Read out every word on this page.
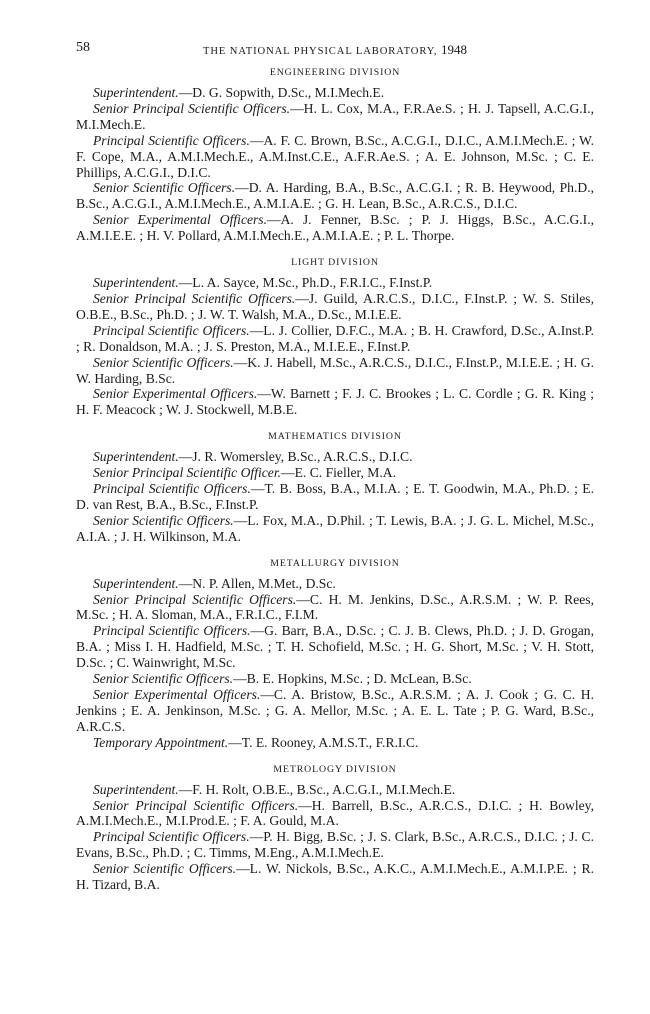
58	THE NATIONAL PHYSICAL LABORATORY, 1948
ENGINEERING DIVISION

Superintendent.—D. G. Sopwith, D.Sc., M.I.Mech.E.

Senior Principal Scientific Officers.—H. L. Cox, M.A., F.R.Ae.S. ; H. J. Tapsell, A.C.G.I., M.I.Mech.E.

Principal Scientific Officers.—A. F. C. Brown, B.Sc., A.C.G.I., D.I.C., A.M.I.Mech.E. ; W. F. Cope, M.A., A.M.I.Mech.E., A.M.Inst.C.E., A.F.R.Ae.S. ; A. E. Johnson, M.Sc. ; C. E. Phillips, A.C.G.I., D.I.C.

Senior Scientific Officers.—D. A. Harding, B.A., B.Sc., A.C.G.I. ; R. B. Heywood, Ph.D., B.Sc., A.C.G.I., A.M.I.Mech.E., A.M.I.A.E. ; G. H. Lean, B.Sc., A.R.C.S., D.I.C.

Senior Experimental Officers.—A. J. Fenner, B.Sc. ; P. J. Higgs, B.Sc., A.C.G.I., A.M.I.E.E. ; H. V. Pollard, A.M.I.Mech.E., A.M.I.A.E. ; P. L. Thorpe.

LIGHT DIVISION

Superintendent.—L. A. Sayce, M.Sc., Ph.D., F.R.I.C., F.Inst.P.

Senior Principal Scientific Officers.—J. Guild, A.R.C.S., D.I.C., F.Inst.P. ; W. S. Stiles, O.B.E., B.Sc., Ph.D. ; J. W. T. Walsh, M.A., D.Sc., M.I.E.E.

Principal Scientific Officers.—L. J. Collier, D.F.C., M.A. ; B. H. Crawford, D.Sc., A.Inst.P. ; R. Donaldson, M.A. ; J. S. Preston, M.A., M.I.E.E., F.Inst.P.

Senior Scientific Officers.—K. J. Habell, M.Sc., A.R.C.S., D.I.C., F.Inst.P., M.I.E.E. ; H. G. W. Harding, B.Sc.

Senior Experimental Officers.—W. Barnett ; F. J. C. Brookes ; L. C. Cordle ; G. R. King ; H. F. Meacock ; W. J. Stockwell, M.B.E.

MATHEMATICS DIVISION

Superintendent.—J. R. Womersley, B.Sc., A.R.C.S., D.I.C.

Senior Principal Scientific Officer.—E. C. Fieller, M.A.

Principal Scientific Officers.—T. B. Boss, B.A., M.I.A. ; E. T. Goodwin, M.A., Ph.D. ; E. D. van Rest, B.A., B.Sc., F.Inst.P.

Senior Scientific Officers.—L. Fox, M.A., D.Phil. ; T. Lewis, B.A. ; J. G. L. Michel, M.Sc., A.I.A. ; J. H. Wilkinson, M.A.

METALLURGY DIVISION

Superintendent.—N. P. Allen, M.Met., D.Sc.

Senior Principal Scientific Officers.—C. H. M. Jenkins, D.Sc., A.R.S.M. ; W. P. Rees, M.Sc. ; H. A. Sloman, M.A., F.R.I.C., F.I.M.

Principal Scientific Officers.—G. Barr, B.A., D.Sc. ; C. J. B. Clews, Ph.D. ; J. D. Grogan, B.A. ; Miss I. H. Hadfield, M.Sc. ; T. H. Schofield, M.Sc. ; H. G. Short, M.Sc. ; V. H. Stott, D.Sc. ; C. Wainwright, M.Sc.

Senior Scientific Officers.—B. E. Hopkins, M.Sc. ; D. McLean, B.Sc.

Senior Experimental Officers.—C. A. Bristow, B.Sc., A.R.S.M. ; A. J. Cook ; G. C. H. Jenkins ; E. A. Jenkinson, M.Sc. ; G. A. Mellor, M.Sc. ; A. E. L. Tate ; P. G. Ward, B.Sc., A.R.C.S.

Temporary Appointment.—T. E. Rooney, A.M.S.T., F.R.I.C.

METROLOGY DIVISION

Superintendent.—F. H. Rolt, O.B.E., B.Sc., A.C.G.I., M.I.Mech.E.

Senior Principal Scientific Officers.—H. Barrell, B.Sc., A.R.C.S., D.I.C. ; H. Bowley, A.M.I.Mech.E., M.I.Prod.E. ; F. A. Gould, M.A.

Principal Scientific Officers.—P. H. Bigg, B.Sc. ; J. S. Clark, B.Sc., A.R.C.S., D.I.C. ; J. C. Evans, B.Sc., Ph.D. ; C. Timms, M.Eng., A.M.I.Mech.E.

Senior Scientific Officers.—L. W. Nickols, B.Sc., A.K.C., A.M.I.Mech.E., A.M.I.P.E. ; R. H. Tizard, B.A.
